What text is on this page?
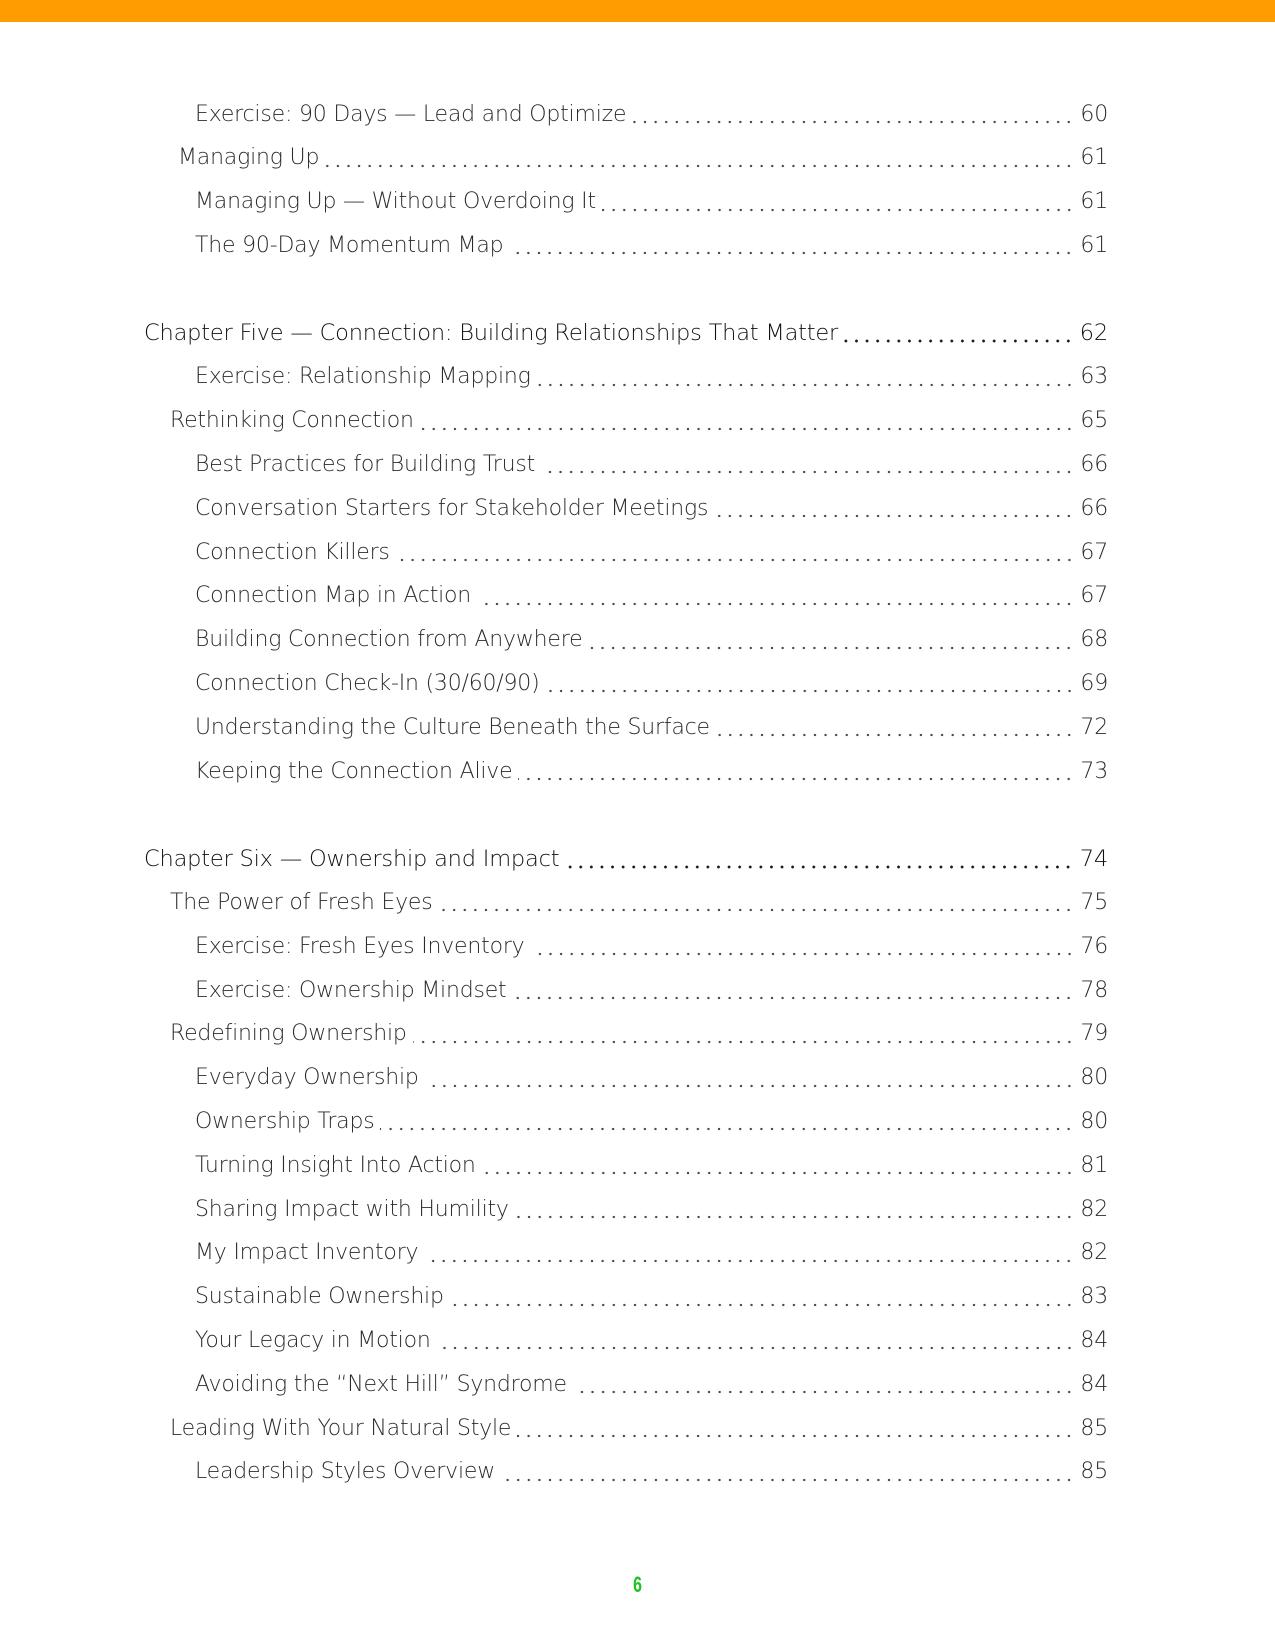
Exercise: 90 Days — Lead and Optimize	60
Managing Up	61
Managing Up — Without Overdoing It	61
The 90-Day Momentum Map	61
Chapter Five — Connection: Building Relationships That Matter	62
Exercise: Relationship Mapping	63
Rethinking Connection	65
Best Practices for Building Trust	66
Conversation Starters for Stakeholder Meetings	66
Connection Killers	67
Connection Map in Action	67
Building Connection from Anywhere	68
Connection Check-In (30/60/90)	69
Understanding the Culture Beneath the Surface	72
Keeping the Connection Alive	73
Chapter Six — Ownership and Impact	74
The Power of Fresh Eyes	75
Exercise: Fresh Eyes Inventory	76
Exercise: Ownership Mindset	78
Redefining Ownership	79
Everyday Ownership	80
Ownership Traps	80
Turning Insight Into Action	81
Sharing Impact with Humility	82
My Impact Inventory	82
Sustainable Ownership	83
Your Legacy in Motion	84
Avoiding the “Next Hill” Syndrome	84
Leading With Your Natural Style	85
Leadership Styles Overview	85
6
